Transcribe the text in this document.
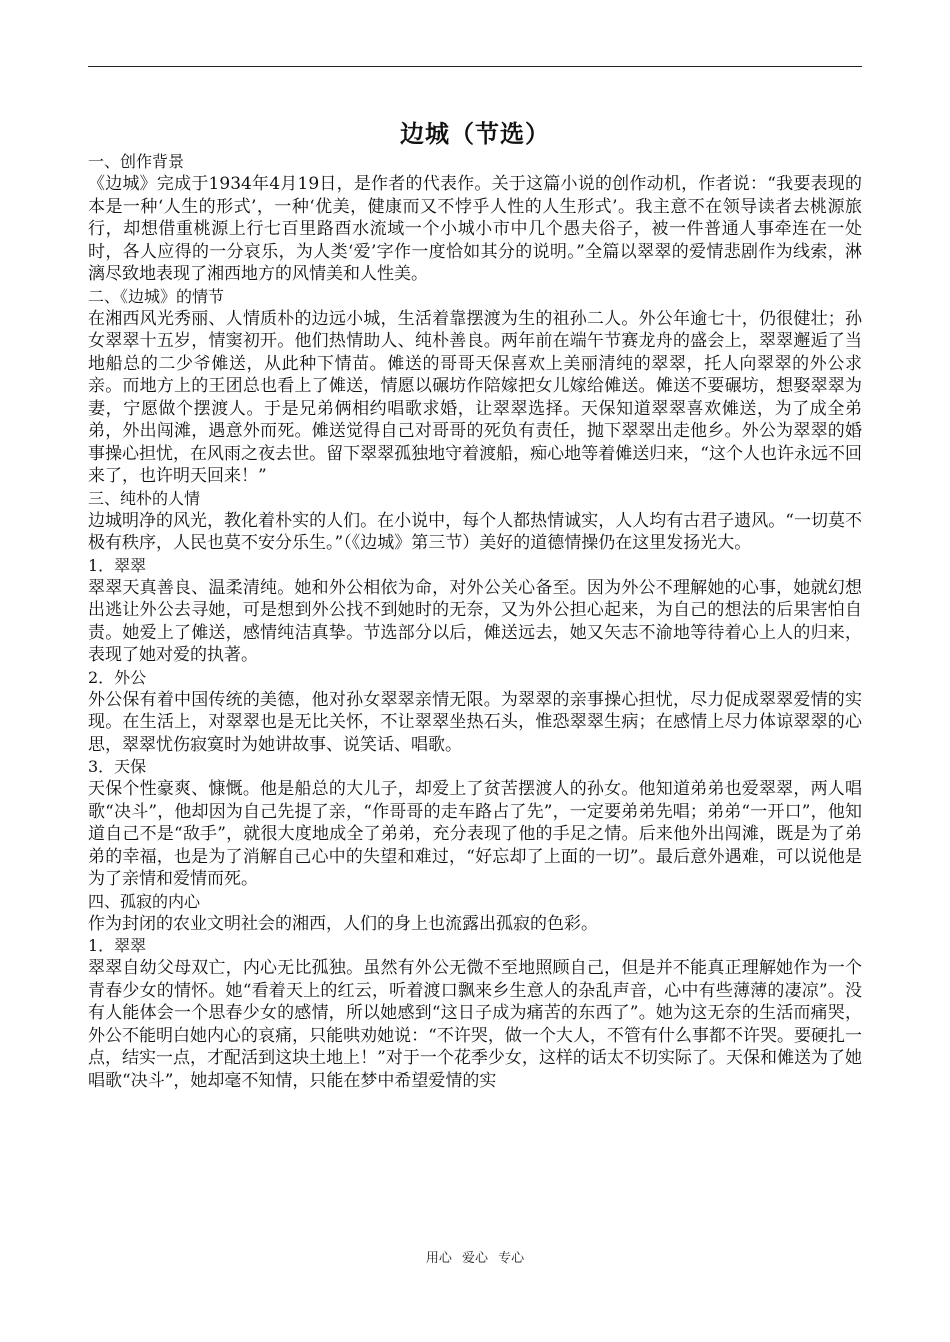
边城（节选）
一、创作背景
《边城》完成于1934年4月19日，是作者的代表作。关于这篇小说的创作动机，作者说：“我要表现的本是一种‘人生的形式’，一种‘优美，健康而又不悖乎人性的人生形式’。我主意不在领导读者去桃源旅行，却想借重桃源上行七百里路酉水流域一个小城小市中几个愚夫俗子，被一件普通人事牵连在一处时，各人应得的一分哀乐，为人类‘爱’字作一度恰如其分的说明。”全篇以翠翠的爱情悲剧作为线索，淋漓尽致地表现了湘西地方的风情美和人性美。
二、《边城》的情节
在湘西风光秀丽、人情质朴的边远小城，生活着靠摆渡为生的祖孙二人。外公年逾七十，仍很健壮；孙女翠翠十五岁，情窦初开。他们热情助人、纯朴善良。两年前在端午节赛龙舟的盛会上，翠翠邂逅了当地船总的二少爷傩送，从此种下情苗。傩送的哥哥天保喜欢上美丽清纯的翠翠，托人向翠翠的外公求亲。而地方上的王团总也看上了傩送，情愿以碾坊作陪嫁把女儿嫁给傩送。傩送不要碾坊，想娶翠翠为妻，宁愿做个摆渡人。于是兄弟俩相约唱歌求婚，让翠翠选择。天保知道翠翠喜欢傩送，为了成全弟弟，外出闯滩，遇意外而死。傩送觉得自己对哥哥的死负有责任，抛下翠翠出走他乡。外公为翠翠的婚事操心担忧，在风雨之夜去世。留下翠翠孤独地守着渡船，痴心地等着傩送归来，“这个人也许永远不回来了，也许明天回来！”
三、纯朴的人情
边城明净的风光，教化着朴实的人们。在小说中，每个人都热情诚实，人人均有古君子遗风。“一切莫不极有秩序，人民也莫不安分乐生。”（《边城》第三节）美好的道德情操仍在这里发扬光大。
1．翠翠
翠翠天真善良、温柔清纯。她和外公相依为命，对外公关心备至。因为外公不理解她的心事，她就幻想出逃让外公去寻她，可是想到外公找不到她时的无奈，又为外公担心起来，为自己的想法的后果害怕自责。她爱上了傩送，感情纯洁真挚。节选部分以后，傩送远去，她又矢志不渝地等待着心上人的归来，表现了她对爱的执著。
2．外公
外公保有着中国传统的美德，他对孙女翠翠亲情无限。为翠翠的亲事操心担忧，尽力促成翠翠爱情的实现。在生活上，对翠翠也是无比关怀，不让翠翠坐热石头，惟恐翠翠生病；在感情上尽力体谅翠翠的心思，翠翠忧伤寂寞时为她讲故事、说笑话、唱歌。
3．天保
天保个性豪爽、慷慨。他是船总的大儿子，却爱上了贫苦摆渡人的孙女。他知道弟弟也爱翠翠，两人唱歌“决斗”，他却因为自己先提了亲，“作哥哥的走车路占了先”，一定要弟弟先唱；弟弟“一开口”，他知道自己不是“敌手”，就很大度地成全了弟弟，充分表现了他的手足之情。后来他外出闯滩，既是为了弟弟的幸福，也是为了消解自己心中的失望和难过，“好忘却了上面的一切”。最后意外遇难，可以说他是为了亲情和爱情而死。
四、孤寂的内心
作为封闭的农业文明社会的湘西，人们的身上也流露出孤寂的色彩。
1．翠翠
翠翠自幼父母双亡，内心无比孤独。虽然有外公无微不至地照顾自己，但是并不能真正理解她作为一个青春少女的情怀。她“看着天上的红云，听着渡口飘来乡生意人的杂乱声音，心中有些薄薄的凄凉”。没有人能体会一个思春少女的感情，所以她感到“这日子成为痛苦的东西了”。她为这无奈的生活而痛哭，外公不能明白她内心的哀痛，只能哄劝她说：“不许哭，做一个大人，不管有什么事都不许哭。要硬扎一点，结实一点，才配活到这块土地上！”对于一个花季少女，这样的话太不切实际了。天保和傩送为了她唱歌“决斗”，她却毫不知情，只能在梦中希望爱情的实
用心 爱心 专心
